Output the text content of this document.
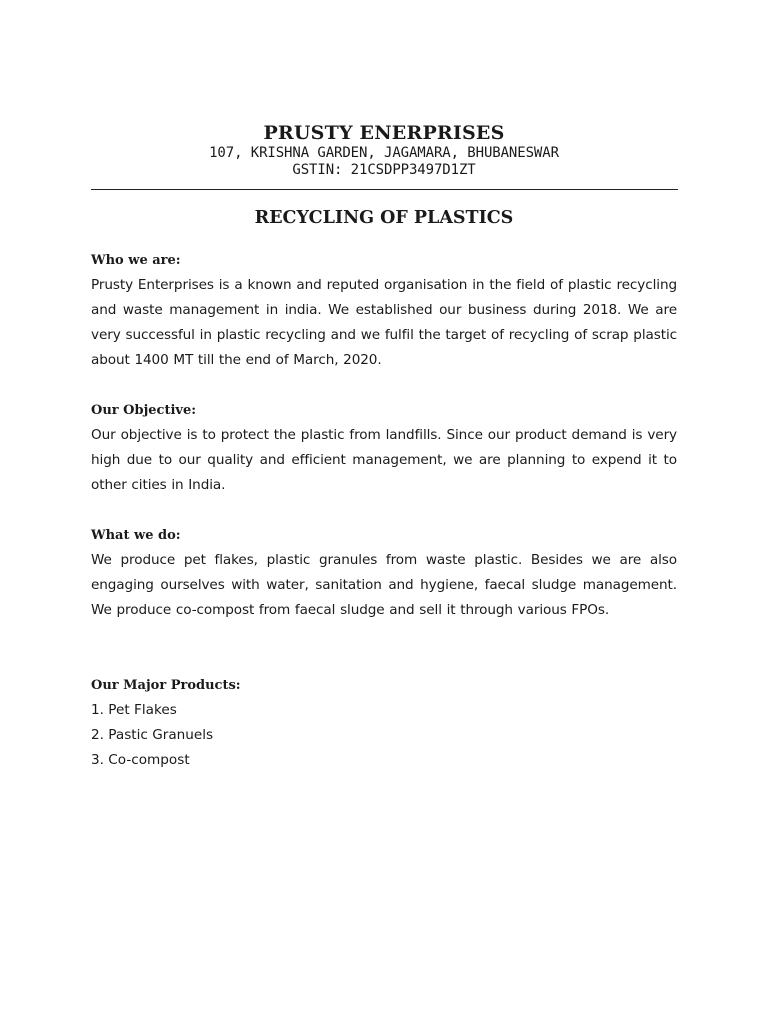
PRUSTY ENERPRISES
107, KRISHNA GARDEN, JAGAMARA, BHUBANESWAR
GSTIN: 21CSDPP3497D1ZT
RECYCLING OF PLASTICS
Who we are:
Prusty Enterprises is a known and reputed organisation in the field of plastic recycling and waste management in india. We established our business during 2018. We are very successful in plastic recycling and we fulfil the target of recycling of scrap plastic about 1400 MT till the end of March, 2020.
Our Objective:
Our objective is to protect the plastic from landfills. Since our product demand is very high due to our quality and efficient management, we are planning to expend it to other cities in India.
What we do:
We produce pet flakes, plastic granules from waste plastic. Besides we are also engaging ourselves with water, sanitation and hygiene, faecal sludge management. We produce co-compost from faecal sludge and sell it through various FPOs.
Our Major Products:
1. Pet Flakes
2. Pastic Granuels
3. Co-compost
